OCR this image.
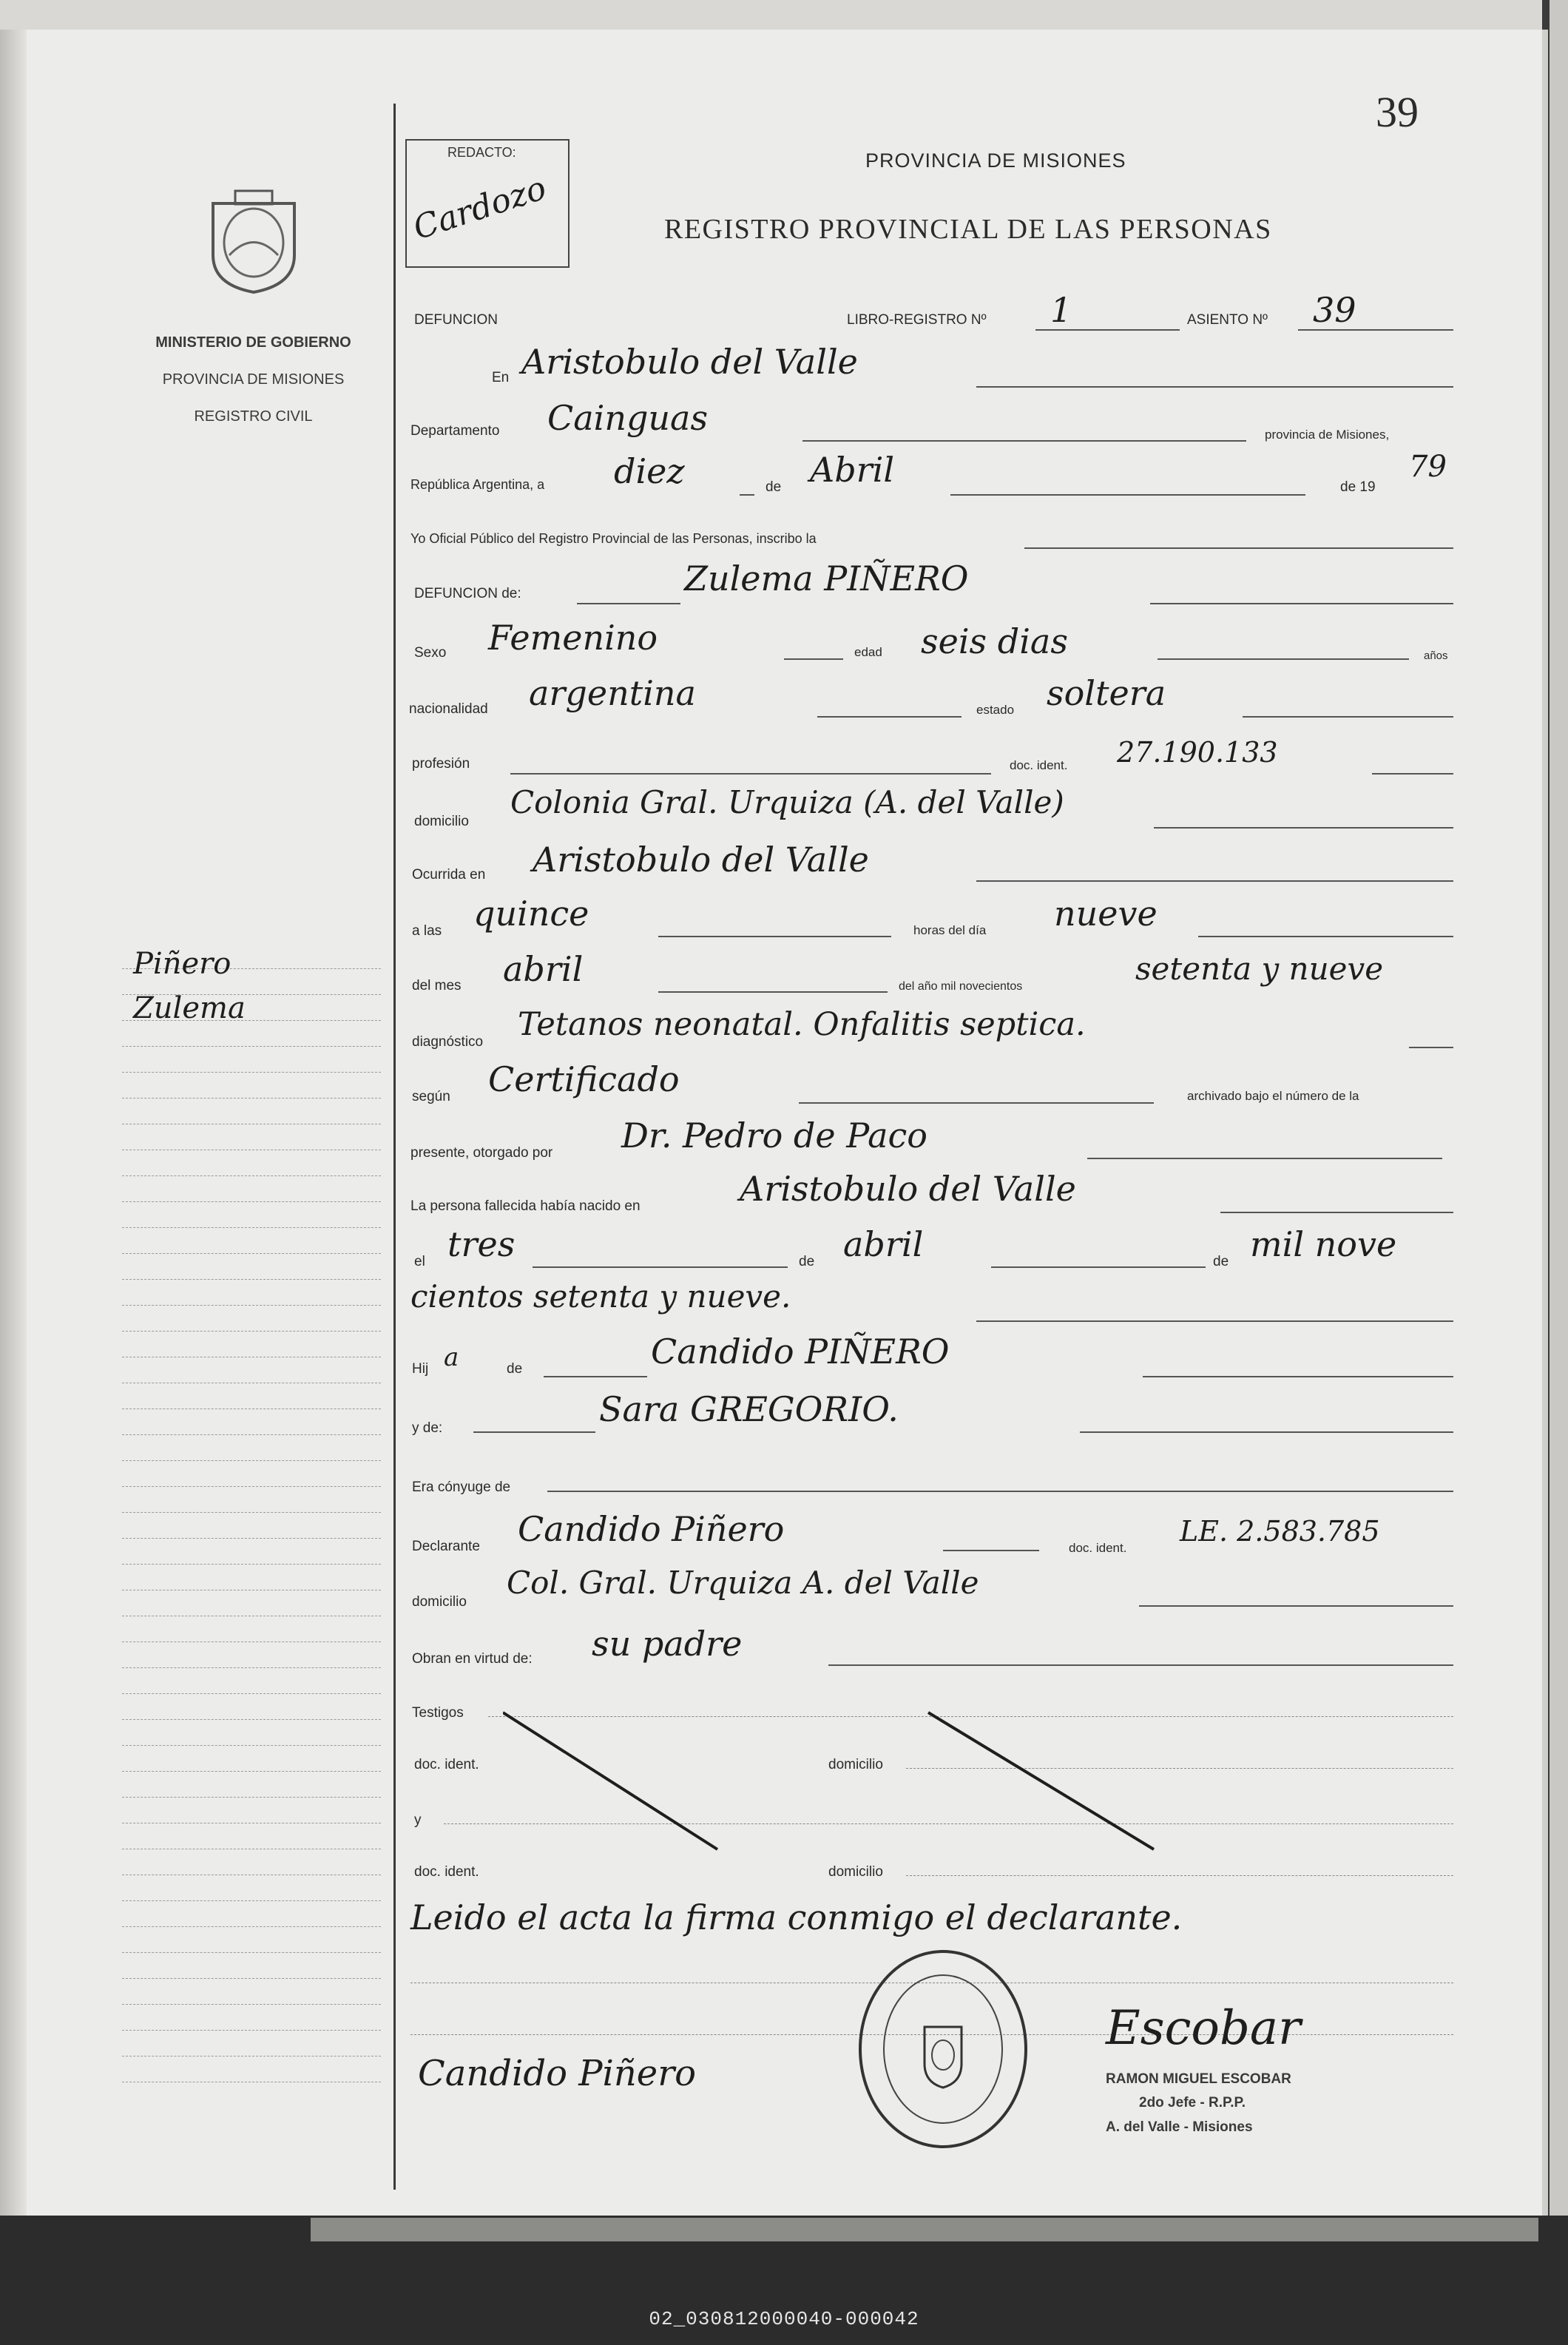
02_030812000040-000042
MINISTERIO DE GOBIERNO
PROVINCIA DE MISIONES
REGISTRO CIVIL
Piñero
Zulema
39
REDACTO:
Cardozo
PROVINCIA DE MISIONES
REGISTRO PROVINCIAL DE LAS PERSONAS
DEFUNCION	LIBRO-REGISTRO Nº 1	ASIENTO Nº 39
En Aristobulo del Valle
Departamento Cainguas	provincia de Misiones,
República Argentina, a diez	de Abril	de 19
79
Yo Oficial Público del Registro Provincial de las Personas, inscribo la
DEFUNCION de:	Zulema PIÑERO
Sexo Femenino	edad seis dias	años
nacionalidad argentina	estado soltera
profesión	doc. ident. 27.190.133
domicilio
Colonia Gral. Urquiza (A. del Valle)
Ocurrida en Aristobulo del Valle
a las quince	horas del día nueve
del mes abril	del año mil novecientos	setenta y nueve
diagnóstico Tetanos neonatal. Onfalitis septica.
según Certificado	archivado bajo el número de la
presente, otorgado por Dr. Pedro de Paco
La persona fallecida había nacido en	Aristobulo del Valle
el tres	de abril	de mil nove
cientos setenta y nueve.
Hij a	de	Candido PIÑERO
y de:	Sara GREGORIO.
Era cónyuge de
Declarante Candido Piñero	doc. ident.
LE. 2.583.785
domicilio
Col. Gral. Urquiza A. del Valle
Obran en virtud de: su padre
Testigos
doc. ident.	domicilio
y
doc. ident.	domicilio
Leido el acta la firma conmigo el declarante.
Candido Piñero
Escobar
RAMON MIGUEL ESCOBAR
2do Jefe - R.P.P.
A. del Valle - Misiones
